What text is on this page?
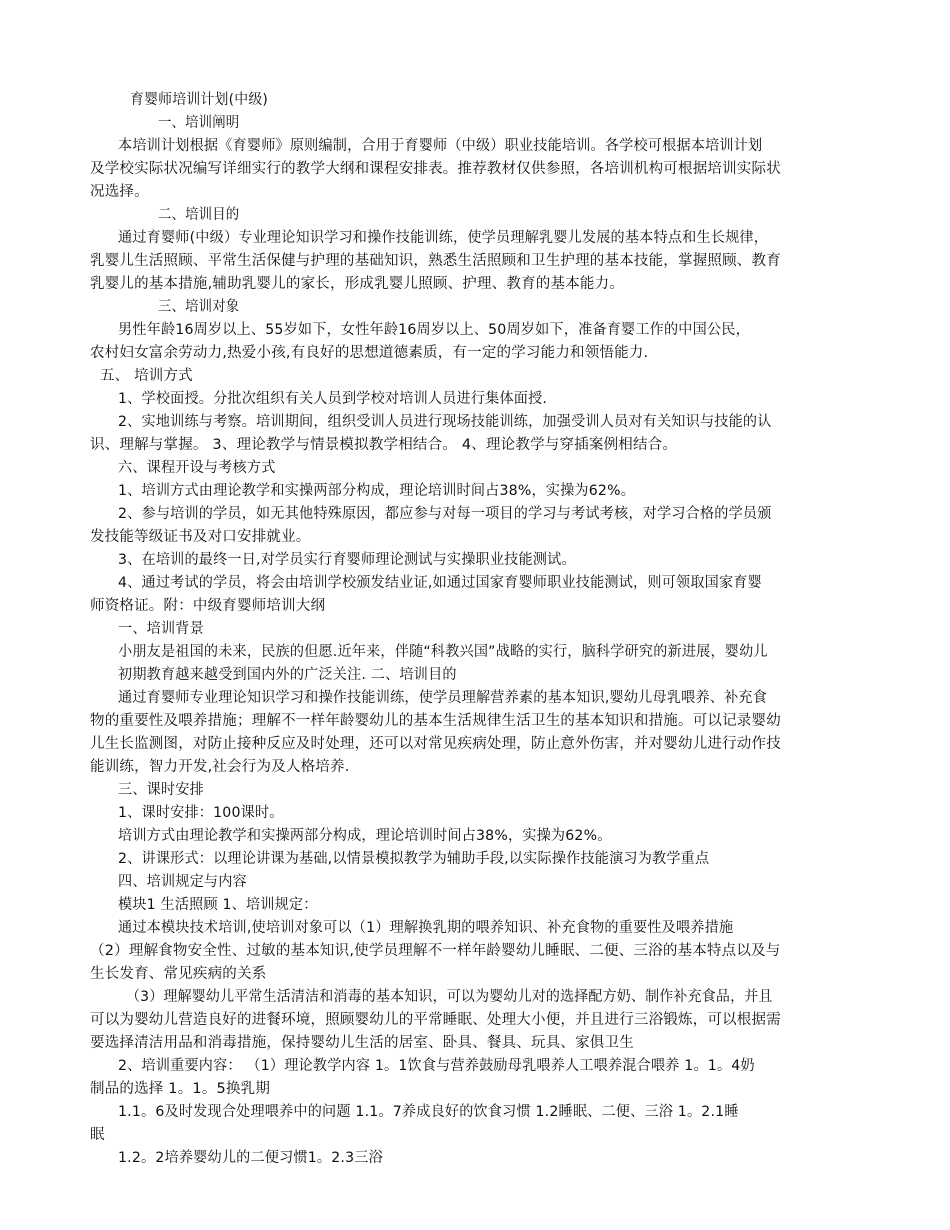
育婴师培训计划(中级)
一、培训阐明
本培训计划根据《育婴师》原则编制，合用于育婴师（中级）职业技能培训。各学校可根据本培训计划
及学校实际状况编写详细实行的教学大纲和课程安排表。推荐教材仅供参照，各培训机构可根据培训实际状
况选择。
二、培训目的
通过育婴师(中级）专业理论知识学习和操作技能训练，使学员理解乳婴儿发展的基本特点和生长规律，
乳婴儿生活照顾、平常生活保健与护理的基础知识，熟悉生活照顾和卫生护理的基本技能，掌握照顾、教育
乳婴儿的基本措施,辅助乳婴儿的家长，形成乳婴儿照顾、护理、教育的基本能力。
三、培训对象
男性年龄16周岁以上、55岁如下，女性年龄16周岁以上、50周岁如下，准备育婴工作的中国公民，
农村妇女富余劳动力,热爱小孩,有良好的思想道德素质，有一定的学习能力和领悟能力.
五、 培训方式
1、学校面授。分批次组织有关人员到学校对培训人员进行集体面授.
2、实地训练与考察。培训期间，组织受训人员进行现场技能训练，加强受训人员对有关知识与技能的认
识、理解与掌握。 3、理论教学与情景模拟教学相结合。 4、理论教学与穿插案例相结合。
六、课程开设与考核方式
1、培训方式由理论教学和实操两部分构成，理论培训时间占38%，实操为62%。
2、参与培训的学员，如无其他特殊原因，都应参与对每一项目的学习与考试考核，对学习合格的学员颁
发技能等级证书及对口安排就业。
3、在培训的最终一日,对学员实行育婴师理论测试与实操职业技能测试。
4、通过考试的学员，将会由培训学校颁发结业证,如通过国家育婴师职业技能测试，则可领取国家育婴
师资格证。附：中级育婴师培训大纲
一、培训背景
小朋友是祖国的未来，民族的但愿.近年来，伴随“科教兴国”战略的实行，脑科学研究的新进展，婴幼儿
初期教育越来越受到国内外的广泛关注. 二、培训目的
通过育婴师专业理论知识学习和操作技能训练，使学员理解营养素的基本知识,婴幼儿母乳喂养、补充食
物的重要性及喂养措施；理解不一样年龄婴幼儿的基本生活规律生活卫生的基本知识和措施。可以记录婴幼
儿生长监测图，对防止接种反应及时处理，还可以对常见疾病处理，防止意外伤害，并对婴幼儿进行动作技
能训练，智力开发,社会行为及人格培养.
三、课时安排
1、课时安排：100课时。
培训方式由理论教学和实操两部分构成，理论培训时间占38%，实操为62%。
2、讲课形式：以理论讲课为基础,以情景模拟教学为辅助手段,以实际操作技能演习为教学重点
四、培训规定与内容
模块1 生活照顾 1、培训规定：
通过本模块技术培训,使培训对象可以（1）理解换乳期的喂养知识、补充食物的重要性及喂养措施
（2）理解食物安全性、过敏的基本知识,使学员理解不一样年龄婴幼儿睡眠、二便、三浴的基本特点以及与
生长发育、常见疾病的关系
（3）理解婴幼儿平常生活清洁和消毒的基本知识，可以为婴幼儿对的选择配方奶、制作补充食品，并且
可以为婴幼儿营造良好的进餐环境，照顾婴幼儿的平常睡眠、处理大小便，并且进行三浴锻炼，可以根据需
要选择清洁用品和消毒措施，保持婴幼儿生活的居室、卧具、餐具、玩具、家俱卫生
2、培训重要内容： （1）理论教学内容 1。1饮食与营养鼓励母乳喂养人工喂养混合喂养 1。1。4奶
制品的选择 1。1。5换乳期
1.1。6及时发现合处理喂养中的问题 1.1。7养成良好的饮食习惯 1.2睡眠、二便、三浴 1。2.1睡
眠
1.2。2培养婴幼儿的二便习惯1。2.3三浴
